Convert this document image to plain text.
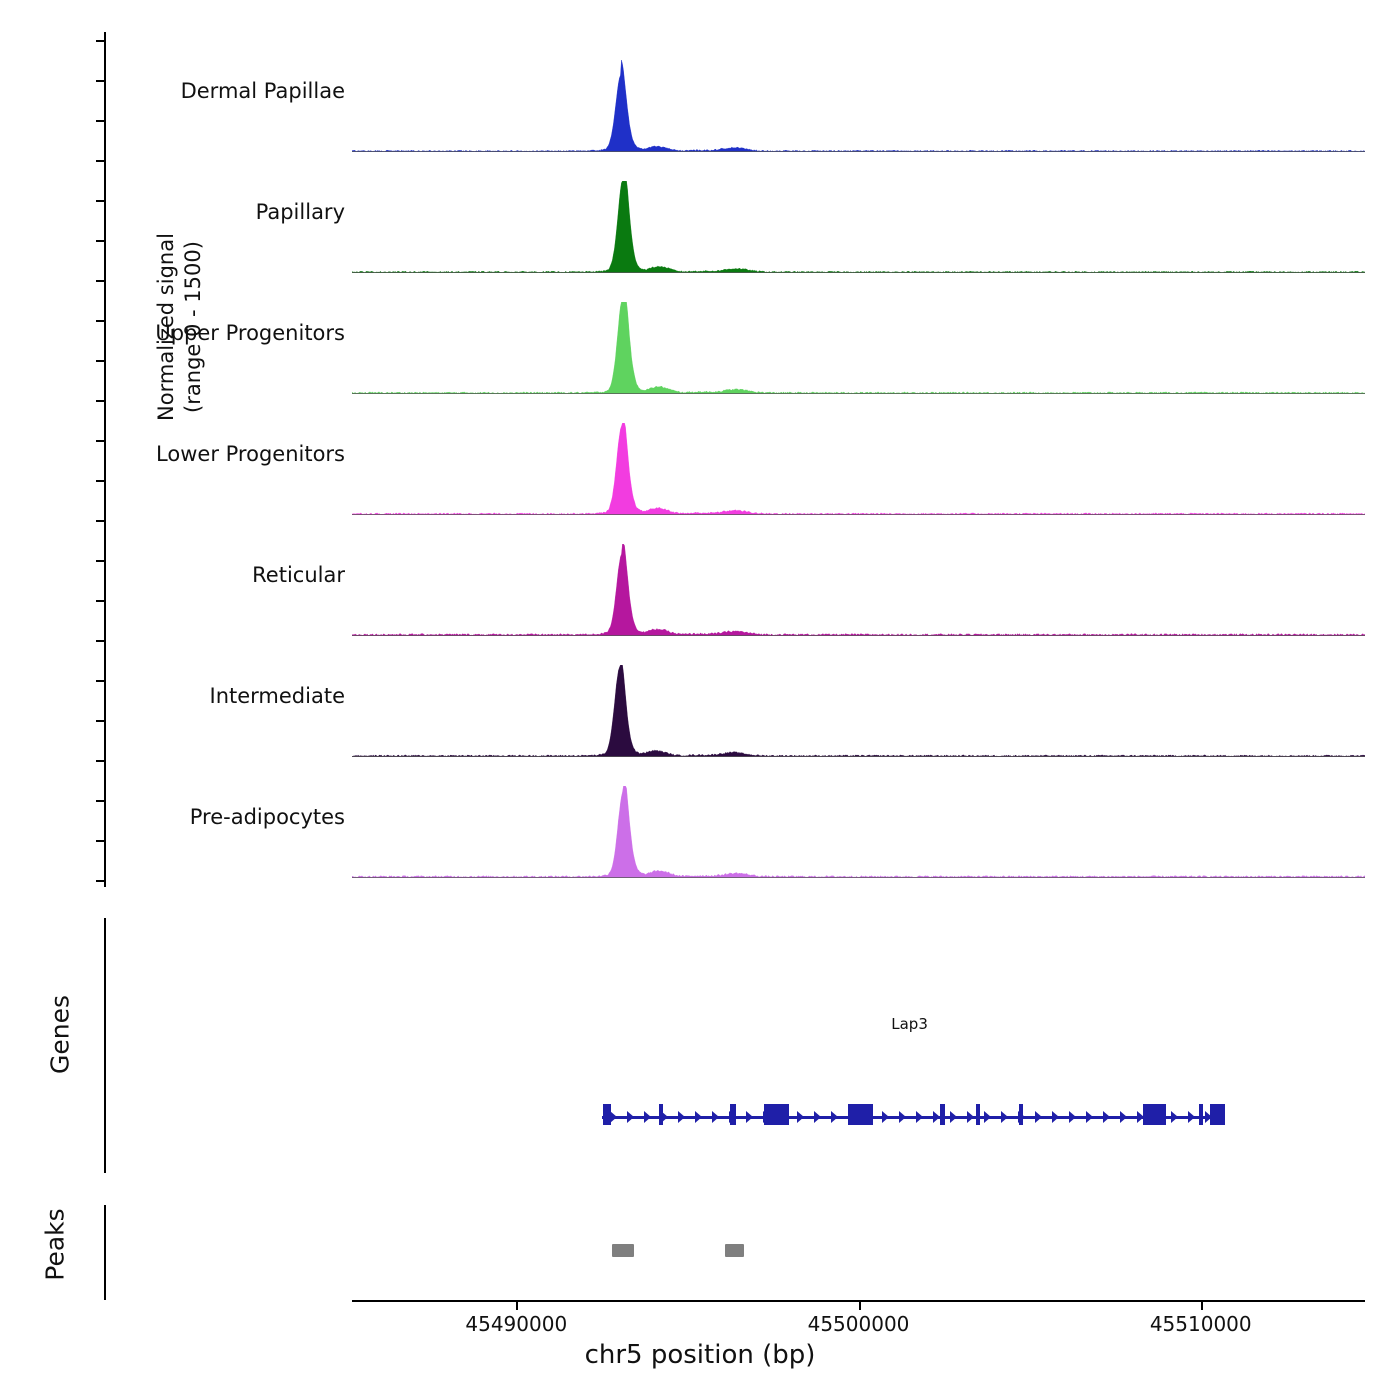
Normalized signal (range 0 - 1500)
Genes
Peaks
Lap3
45490000	45500000	45510000
chr5 position (bp)
Dermal Papillae
Papillary
Upper Progenitors
Lower Progenitors
Reticular
Intermediate
Pre-adipocytes
